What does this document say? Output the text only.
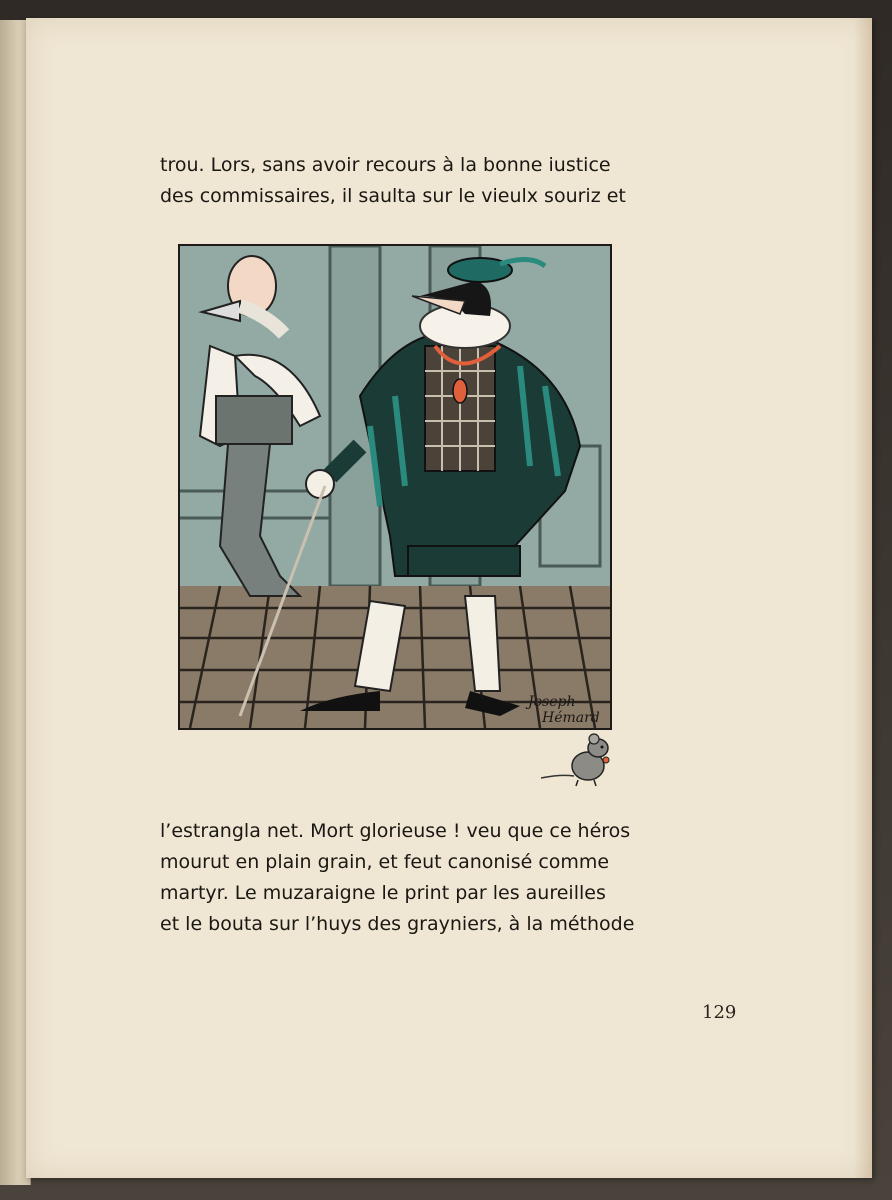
trou. Lors, sans avoir recours à la bonne iustice
des commissaires, il saulta sur le vieulx souriz et

Joseph
Hémard

l’estrangla net. Mort glorieuse ! veu que ce héros
mourut en plain grain, et feut canonisé comme
martyr. Le muzaraigne le print par les aureilles
et le bouta sur l’huys des grayniers, à la méthode

129
